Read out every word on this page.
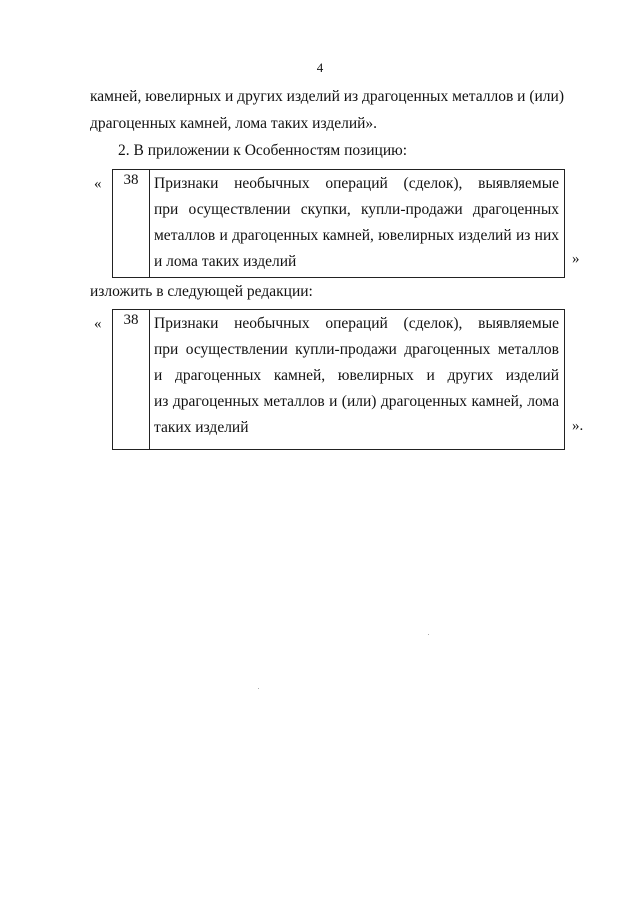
4
камней, ювелирных и других изделий из драгоценных металлов и (или)
драгоценных камней, лома таких изделий».
2. В приложении к Особенностям позицию:
«	38	Признаки необычных операций (сделок), выявляемые
при осуществлении скупки, купли-продажи драгоценных
металлов и драгоценных камней, ювелирных изделий из них
и лома таких изделий	»
изложить в следующей редакции:
«	38	Признаки необычных операций (сделок), выявляемые
при осуществлении купли-продажи драгоценных металлов
и драгоценных камней, ювелирных и других изделий
из драгоценных металлов и (или) драгоценных камней, лома
таких изделий	».
